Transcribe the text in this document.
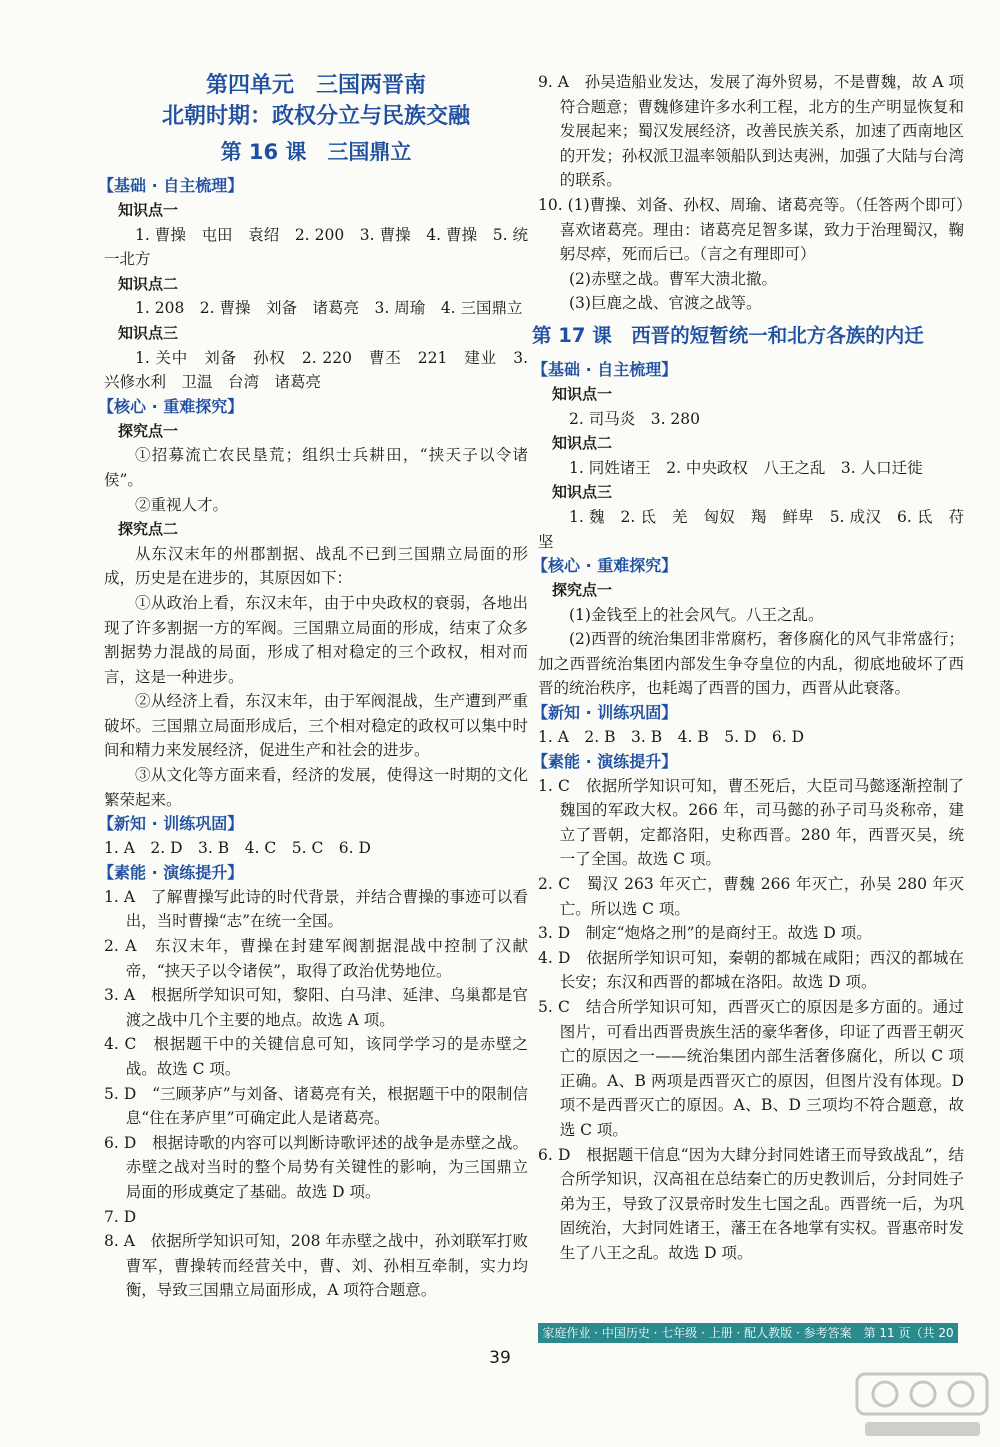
第四单元　三国两晋南
北朝时期：政权分立与民族交融
第 16 课　三国鼎立
【基础 · 自主梳理】
知识点一
1. 曹操　屯田　袁绍　2. 200　3. 曹操　4. 曹操　5. 统一北方
知识点二
1. 208　2. 曹操　刘备　诸葛亮　3. 周瑜　4. 三国鼎立
知识点三
1. 关中　刘备　孙权　2. 220　曹丕　221　建业　3. 兴修水利　卫温　台湾　诸葛亮
【核心 · 重难探究】
探究点一
①招募流亡农民垦荒；组织士兵耕田，“挟天子以令诸侯”。
②重视人才。
探究点二
从东汉末年的州郡割据、战乱不已到三国鼎立局面的形成，历史是在进步的，其原因如下：
①从政治上看，东汉末年，由于中央政权的衰弱，各地出现了许多割据一方的军阀。三国鼎立局面的形成，结束了众多割据势力混战的局面，形成了相对稳定的三个政权，相对而言，这是一种进步。
②从经济上看，东汉末年，由于军阀混战，生产遭到严重破坏。三国鼎立局面形成后，三个相对稳定的政权可以集中时间和精力来发展经济，促进生产和社会的进步。
③从文化等方面来看，经济的发展，使得这一时期的文化繁荣起来。
【新知 · 训练巩固】
1. A　2. D　3. B　4. C　5. C　6. D
【素能 · 演练提升】
1. A　了解曹操写此诗的时代背景，并结合曹操的事迹可以看出，当时曹操“志”在统一全国。
2. A　东汉末年，曹操在封建军阀割据混战中控制了汉献帝，“挟天子以令诸侯”，取得了政治优势地位。
3. A　根据所学知识可知，黎阳、白马津、延津、乌巢都是官渡之战中几个主要的地点。故选 A 项。
4. C　根据题干中的关键信息可知，该同学学习的是赤壁之战。故选 C 项。
5. D　“三顾茅庐”与刘备、诸葛亮有关，根据题干中的限制信息“住在茅庐里”可确定此人是诸葛亮。
6. D　根据诗歌的内容可以判断诗歌评述的战争是赤壁之战。赤壁之战对当时的整个局势有关键性的影响，为三国鼎立局面的形成奠定了基础。故选 D 项。
7. D
8. A　依据所学知识可知，208 年赤壁之战中，孙刘联军打败曹军，曹操转而经营关中，曹、刘、孙相互牵制，实力均衡，导致三国鼎立局面形成，A 项符合题意。
9. A　孙吴造船业发达，发展了海外贸易，不是曹魏，故 A 项符合题意；曹魏修建许多水利工程，北方的生产明显恢复和发展起来；蜀汉发展经济，改善民族关系，加速了西南地区的开发；孙权派卫温率领船队到达夷洲，加强了大陆与台湾的联系。
10. (1)曹操、刘备、孙权、周瑜、诸葛亮等。（任答两个即可）喜欢诸葛亮。理由：诸葛亮足智多谋，致力于治理蜀汉，鞠躬尽瘁，死而后已。（言之有理即可）
(2)赤壁之战。曹军大溃北撤。
(3)巨鹿之战、官渡之战等。
第 17 课　西晋的短暂统一和北方各族的内迁
【基础 · 自主梳理】
知识点一
2. 司马炎　3. 280
知识点二
1. 同姓诸王　2. 中央政权　八王之乱　3. 人口迁徙
知识点三
1. 魏　2. 氐　羌　匈奴　羯　鲜卑　5. 成汉　6. 氐　苻坚
【核心 · 重难探究】
探究点一
(1)金钱至上的社会风气。八王之乱。
(2)西晋的统治集团非常腐朽，奢侈腐化的风气非常盛行；加之西晋统治集团内部发生争夺皇位的内乱，彻底地破坏了西晋的统治秩序，也耗竭了西晋的国力，西晋从此衰落。
【新知 · 训练巩固】
1. A　2. B　3. B　4. B　5. D　6. D
【素能 · 演练提升】
1. C　依据所学知识可知，曹丕死后，大臣司马懿逐渐控制了魏国的军政大权。266 年，司马懿的孙子司马炎称帝，建立了晋朝，定都洛阳，史称西晋。280 年，西晋灭吴，统一了全国。故选 C 项。
2. C　蜀汉 263 年灭亡，曹魏 266 年灭亡，孙吴 280 年灭亡。所以选 C 项。
3. D　制定“炮烙之刑”的是商纣王。故选 D 项。
4. D　依据所学知识可知，秦朝的都城在咸阳；西汉的都城在长安；东汉和西晋的都城在洛阳。故选 D 项。
5. C　结合所学知识可知，西晋灭亡的原因是多方面的。通过图片，可看出西晋贵族生活的豪华奢侈，印证了西晋王朝灭亡的原因之一——统治集团内部生活奢侈腐化，所以 C 项正确。A、B 两项是西晋灭亡的原因，但图片没有体现。D 项不是西晋灭亡的原因。A、B、D 三项均不符合题意，故选 C 项。
6. D　根据题干信息“因为大肆分封同姓诸王而导致战乱”，结合所学知识，汉高祖在总结秦亡的历史教训后，分封同姓子弟为王，导致了汉景帝时发生七国之乱。西晋统一后，为巩固统治，大封同姓诸王，藩王在各地掌有实权。晋惠帝时发生了八王之乱。故选 D 项。
家庭作业 · 中国历史 · 七年级 · 上册 · 配人教版 · 参考答案　第 11 页（共 20 页）
39
